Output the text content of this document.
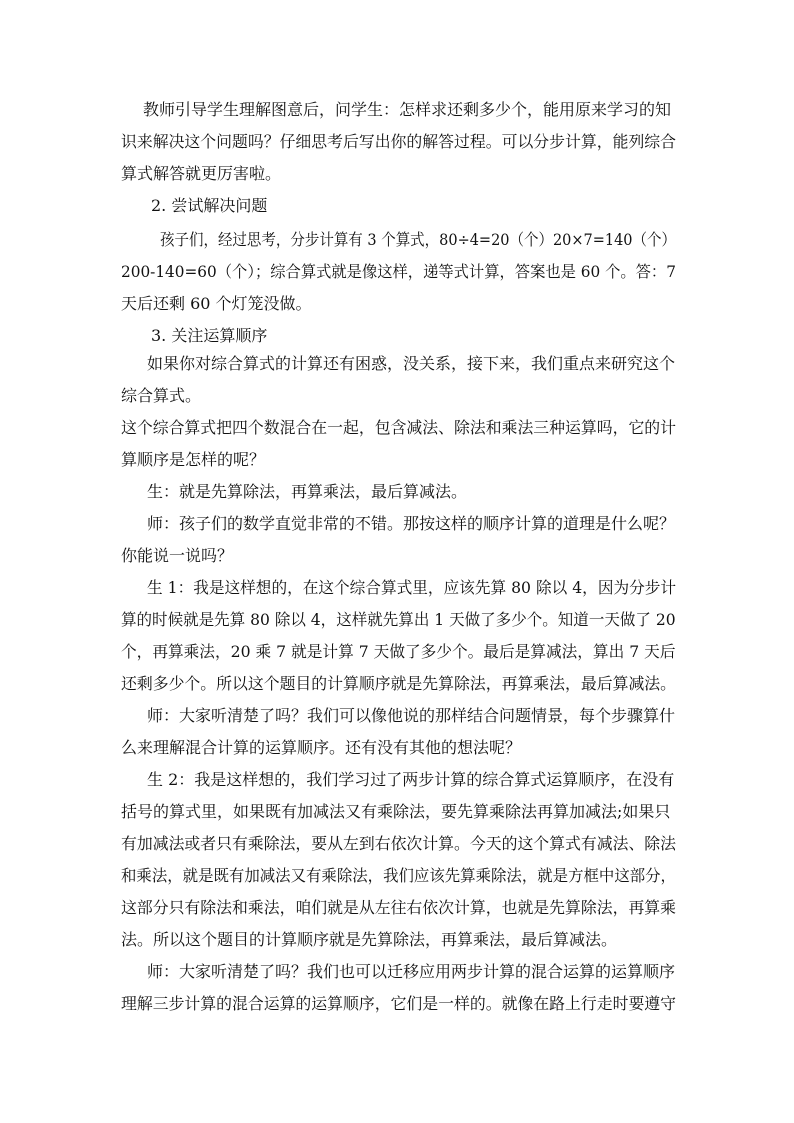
教师引导学生理解图意后，问学生：怎样求还剩多少个，能用原来学习的知
识来解决这个问题吗？仔细思考后写出你的解答过程。可以分步计算，能列综合
算式解答就更厉害啦。
2. 尝试解决问题
孩子们，经过思考，分步计算有 3 个算式，80÷4=20（个）20×7=140（个）
200-140=60（个）；综合算式就是像这样，递等式计算，答案也是 60 个。答：7
天后还剩 60 个灯笼没做。
3. 关注运算顺序
如果你对综合算式的计算还有困惑，没关系，接下来，我们重点来研究这个
综合算式。
这个综合算式把四个数混合在一起，包含减法、除法和乘法三种运算吗，它的计
算顺序是怎样的呢？
生：就是先算除法，再算乘法，最后算减法。
师：孩子们的数学直觉非常的不错。那按这样的顺序计算的道理是什么呢？
你能说一说吗？
生 1：我是这样想的，在这个综合算式里，应该先算 80 除以 4，因为分步计
算的时候就是先算 80 除以 4，这样就先算出 1 天做了多少个。知道一天做了 20
个，再算乘法，20 乘 7 就是计算 7 天做了多少个。最后是算减法，算出 7 天后
还剩多少个。所以这个题目的计算顺序就是先算除法，再算乘法，最后算减法。
师：大家听清楚了吗？我们可以像他说的那样结合问题情景，每个步骤算什
么来理解混合计算的运算顺序。还有没有其他的想法呢？
生 2：我是这样想的，我们学习过了两步计算的综合算式运算顺序，在没有
括号的算式里，如果既有加减法又有乘除法，要先算乘除法再算加减法;如果只
有加减法或者只有乘除法，要从左到右依次计算。今天的这个算式有减法、除法
和乘法，就是既有加减法又有乘除法，我们应该先算乘除法，就是方框中这部分，
这部分只有除法和乘法，咱们就是从左往右依次计算，也就是先算除法，再算乘
法。所以这个题目的计算顺序就是先算除法，再算乘法，最后算减法。
师：大家听清楚了吗？我们也可以迁移应用两步计算的混合运算的运算顺序
理解三步计算的混合运算的运算顺序，它们是一样的。就像在路上行走时要遵守
